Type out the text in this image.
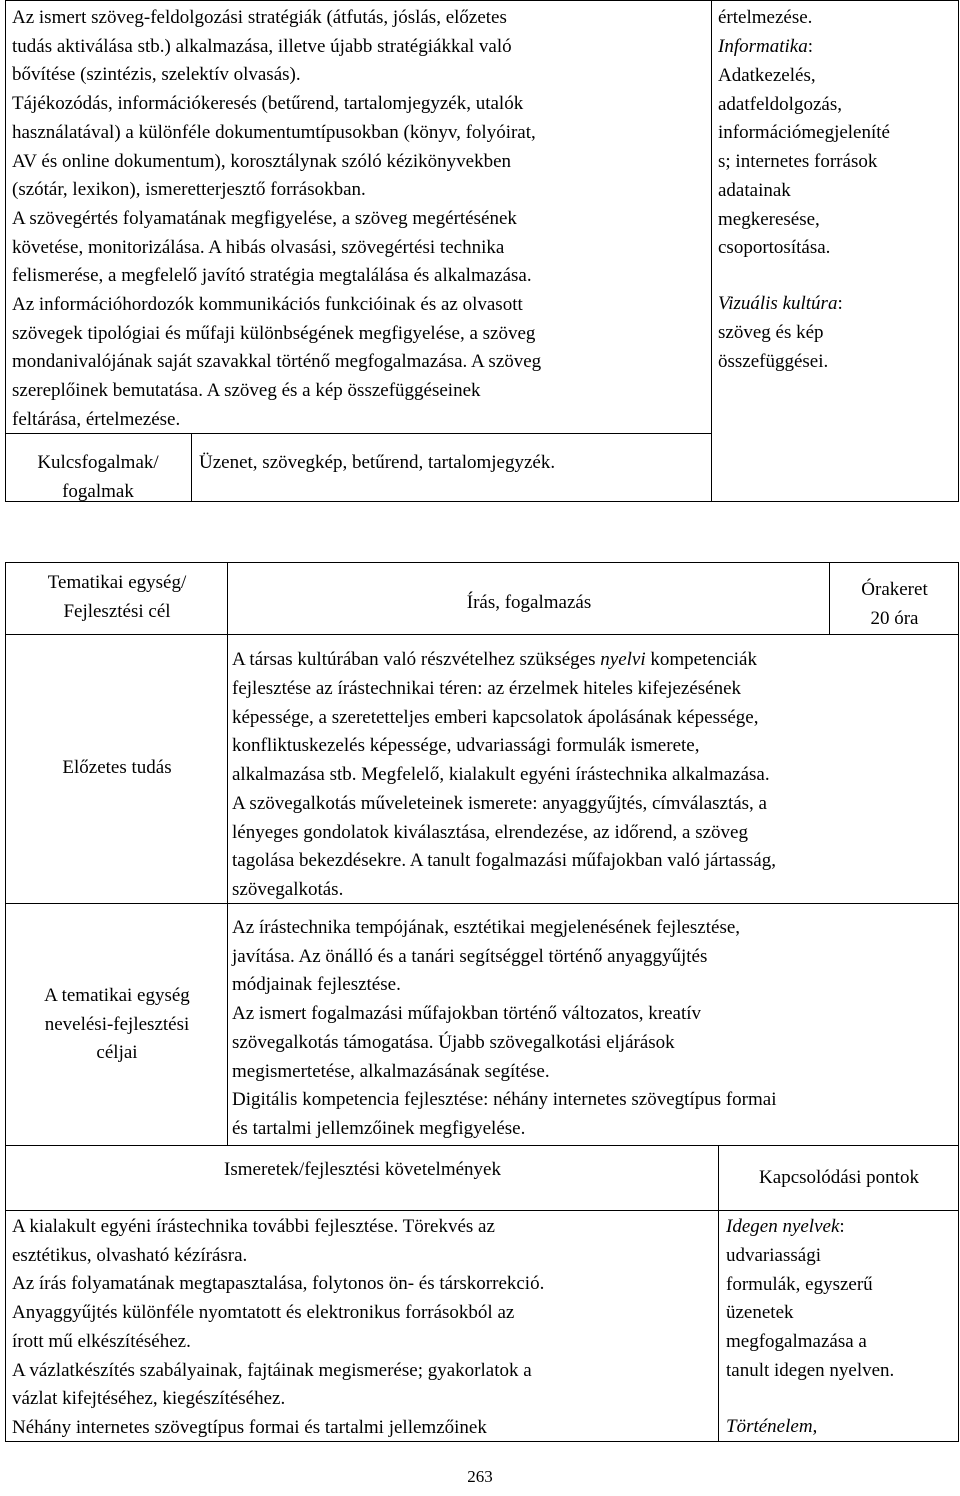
Az ismert szöveg-feldolgozási stratégiák (átfutás, jóslás, előzetes
tudás aktiválása stb.) alkalmazása, illetve újabb stratégiákkal való
bővítése (szintézis, szelektív olvasás).
Tájékozódás, információkeresés (betűrend, tartalomjegyzék, utalók
használatával) a különféle dokumentumtípusokban (könyv, folyóirat,
AV és online dokumentum), korosztálynak szóló kézikönyvekben
(szótár, lexikon), ismeretterjesztő forrásokban.
A szövegértés folyamatának megfigyelése, a szöveg megértésének
követése, monitorizálása. A hibás olvasási, szövegértési technika
felismerése, a megfelelő javító stratégia megtalálása és alkalmazása.
Az információhordozók kommunikációs funkcióinak és az olvasott
szövegek tipológiai és műfaji különbségének megfigyelése, a szöveg
mondanivalójának saját szavakkal történő megfogalmazása. A szöveg
szereplőinek bemutatása. A szöveg és a kép összefüggéseinek
feltárása, értelmezése.
értelmezése.
Informatika:
Adatkezelés,
adatfeldolgozás,
információmegjeleníté
s; internetes források
adatainak
megkeresése,
csoportosítása.
Vizuális kultúra:
szöveg és kép
összefüggései.
Kulcsfogalmak/
fogalmak
Üzenet, szövegkép, betűrend, tartalomjegyzék.
Tematikai egység/
Fejlesztési cél	Írás, fogalmazás
Órakeret
20 óra
Előzetes tudás
A társas kultúrában való részvételhez szükséges nyelvi kompetenciák
fejlesztése az írástechnikai téren: az érzelmek hiteles kifejezésének
képessége, a szeretetteljes emberi kapcsolatok ápolásának képessége,
konfliktuskezelés képessége, udvariassági formulák ismerete,
alkalmazása stb. Megfelelő, kialakult egyéni írástechnika alkalmazása.
A szövegalkotás műveleteinek ismerete: anyaggyűjtés, címválasztás, a
lényeges gondolatok kiválasztása, elrendezése, az időrend, a szöveg
tagolása bekezdésekre. A tanult fogalmazási műfajokban való jártasság,
szövegalkotás.
A tematikai egység
nevelési-fejlesztési
céljai
Az írástechnika tempójának, esztétikai megjelenésének fejlesztése,
javítása. Az önálló és a tanári segítséggel történő anyaggyűjtés
módjainak fejlesztése.
Az ismert fogalmazási műfajokban történő változatos, kreatív
szövegalkotás támogatása. Újabb szövegalkotási eljárások
megismertetése, alkalmazásának segítése.
Digitális kompetencia fejlesztése: néhány internetes szövegtípus formai
és tartalmi jellemzőinek megfigyelése.
Ismeretek/fejlesztési követelmények	Kapcsolódási pontok
A kialakult egyéni írástechnika további fejlesztése. Törekvés az
esztétikus, olvasható kézírásra.
Az írás folyamatának megtapasztalása, folytonos ön- és társkorrekció.
Anyaggyűjtés különféle nyomtatott és elektronikus forrásokból az
írott mű elkészítéséhez.
A vázlatkészítés szabályainak, fajtáinak megismerése; gyakorlatok a
vázlat kifejtéséhez, kiegészítéséhez.
Néhány internetes szövegtípus formai és tartalmi jellemzőinek
Idegen nyelvek:
udvariassági
formulák, egyszerű
üzenetek
megfogalmazása a
tanult idegen nyelven.
Történelem,
263
